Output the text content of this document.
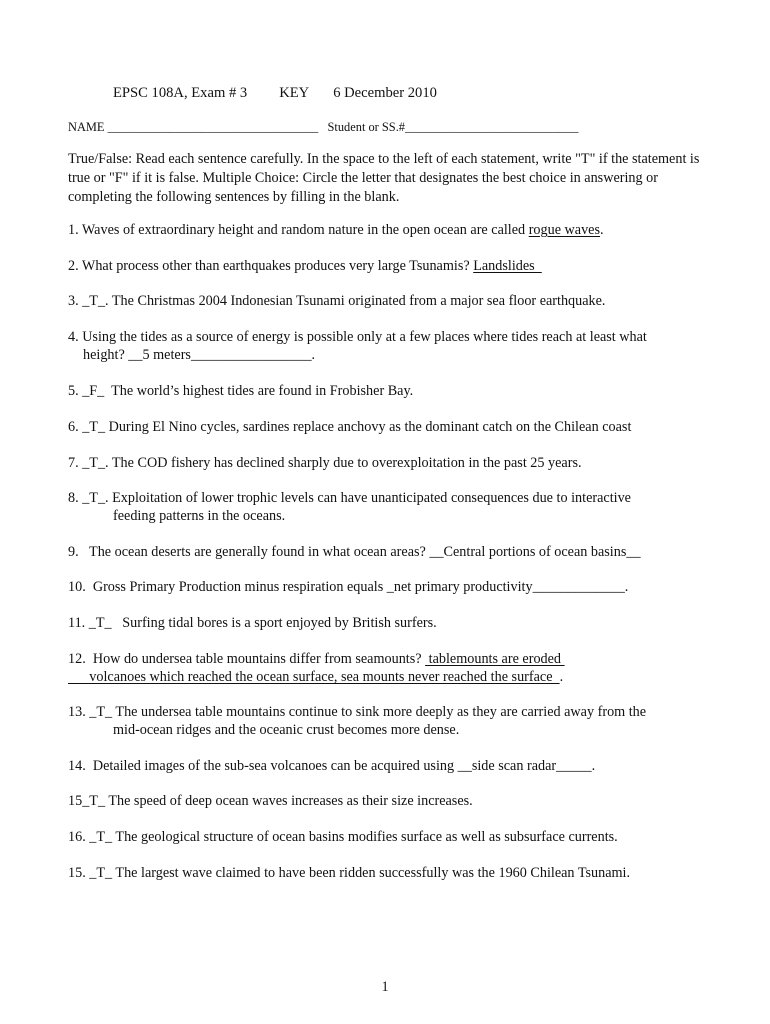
EPSC 108A, Exam # 3 KEY 6 December 2010
NAME __________________________________ Student or SS.#____________________________
True/False: Read each sentence carefully. In the space to the left of each statement, write "T" if the statement is true or "F" if it is false. Multiple Choice: Circle the letter that designates the best choice in answering or completing the following sentences by filling in the blank.
1. Waves of extraordinary height and random nature in the open ocean are called rogue waves.
2. What process other than earthquakes produces very large Tsunamis? Landslides
3. _T_. The Christmas 2004 Indonesian Tsunami originated from a major sea floor earthquake.
4. Using the tides as a source of energy is possible only at a few places where tides reach at least what
height? __5 meters_________________.
5. _F_  The world’s highest tides are found in Frobisher Bay.
6. _T_ During El Nino cycles, sardines replace anchovy as the dominant catch on the Chilean coast
7. _T_. The COD fishery has declined sharply due to overexploitation in the past 25 years.
8. _T_. Exploitation of lower trophic levels can have unanticipated consequences due to interactive
feeding patterns in the oceans.
9.   The ocean deserts are generally found in what ocean areas? __Central portions of ocean basins__
10.  Gross Primary Production minus respiration equals _net primary productivity_____________.
11. _T_   Surfing tidal bores is a sport enjoyed by British surfers.
12.  How do undersea table mountains differ from seamounts?  tablemounts are eroded
volcanoes which reached the ocean surface, sea mounts never reached the surface  .
13. _T_ The undersea table mountains continue to sink more deeply as they are carried away from the
mid-ocean ridges and the oceanic crust becomes more dense.
14.  Detailed images of the sub-sea volcanoes can be acquired using __side scan radar_____.
15_T_ The speed of deep ocean waves increases as their size increases.
16. _T_ The geological structure of ocean basins modifies surface as well as subsurface currents.
15. _T_ The largest wave claimed to have been ridden successfully was the 1960 Chilean Tsunami.
1
